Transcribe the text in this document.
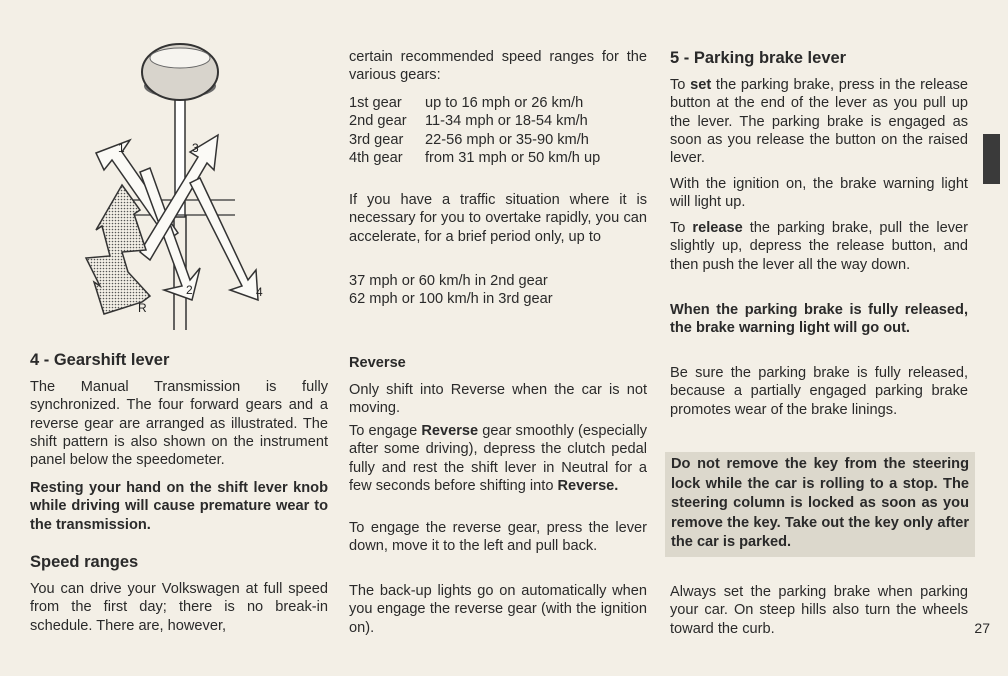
1	3
2	4
R
4 - Gearshift lever

The Manual Transmission is fully synchronized. The four forward gears and a reverse gear are arranged as illustrated. The shift pattern is also shown on the instrument panel below the speedometer.

Resting your hand on the shift lever knob while driving will cause premature wear to the transmission.

Speed ranges

You can drive your Volkswagen at full speed from the first day; there is no break-in schedule. There are, however,

certain recommended speed ranges for the various gears:

1st gear	up to 16 mph or 26 km/h
2nd gear	11-34 mph or 18-54 km/h
3rd gear	22-56 mph or 35-90 km/h
4th gear	from 31 mph or 50 km/h up

If you have a traffic situation where it is necessary for you to overtake rapidly, you can accelerate, for a brief period only, up to

37 mph or 60 km/h in 2nd gear

62 mph or 100 km/h in 3rd gear

Reverse

Only shift into Reverse when the car is not moving.

To engage Reverse gear smoothly (especially after some driving), depress the clutch pedal fully and rest the shift lever in Neutral for a few seconds before shifting into Reverse.

To engage the reverse gear, press the lever down, move it to the left and pull back.

The back-up lights go on automatically when you engage the reverse gear (with the ignition on).

5 - Parking brake lever

To set the parking brake, press in the release button at the end of the lever as you pull up the lever. The parking brake is engaged as soon as you release the button on the raised lever.

With the ignition on, the brake warning light will light up.

To release the parking brake, pull the lever slightly up, depress the release button, and then push the lever all the way down.

When the parking brake is fully released, the brake warning light will go out.

Be sure the parking brake is fully released, because a partially engaged parking brake promotes wear of the brake linings.

Do not remove the key from the steering lock while the car is rolling to a stop. The steering column is locked as soon as you remove the key. Take out the key only after the car is parked.

Always set the parking brake when parking your car. On steep hills also turn the wheels toward the curb.	27
